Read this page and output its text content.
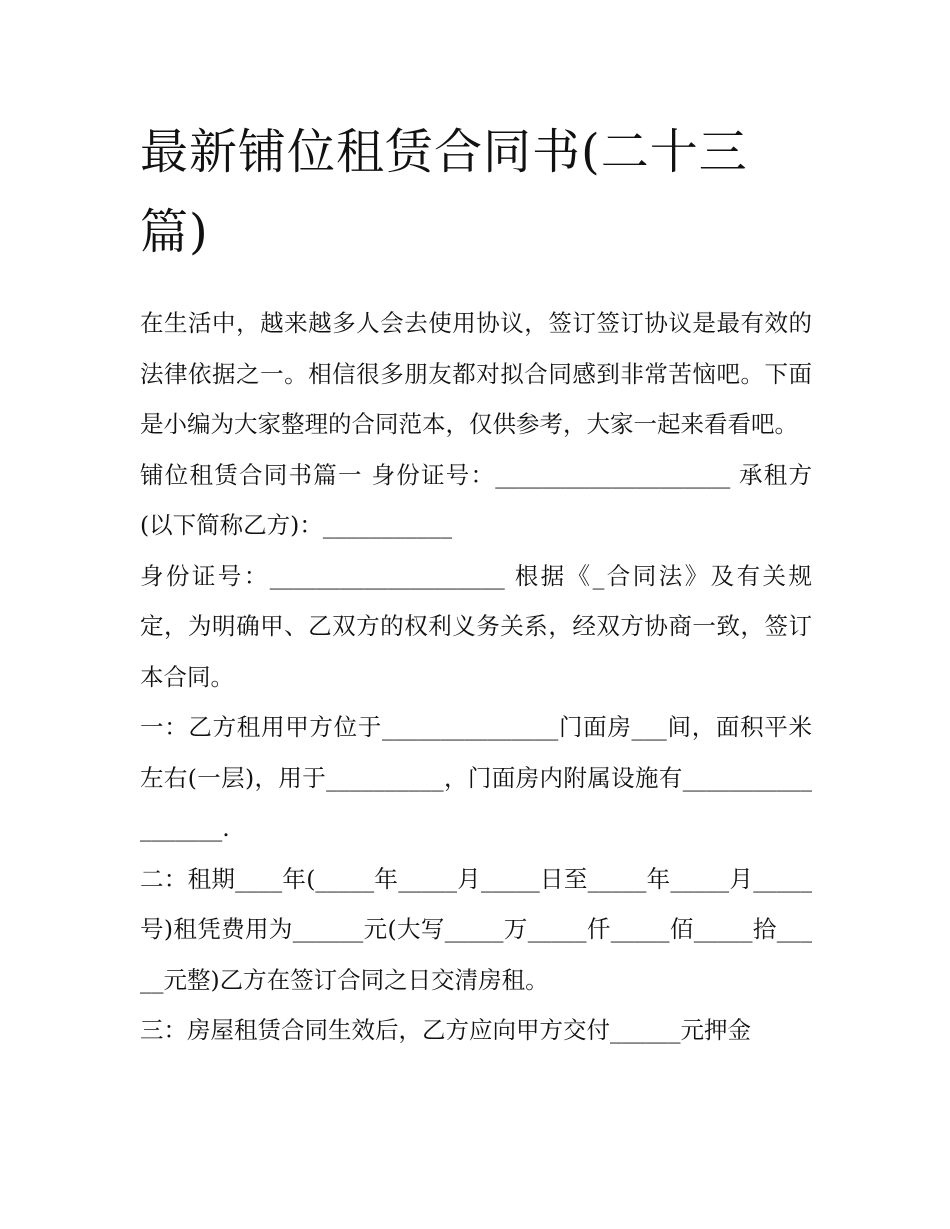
最新铺位租赁合同书(二十三篇)

在生活中，越来越多人会去使用协议，签订签订协议是最有效的法律依据之一。相信很多朋友都对拟合同感到非常苦恼吧。下面是小编为大家整理的合同范本，仅供参考，大家一起来看看吧。

铺位租赁合同书篇一 身份证号：____________________ 承租方(以下简称乙方)：___________

身份证号：____________________ 根据《_合同法》及有关规定，为明确甲、乙双方的权利义务关系，经双方协商一致，签订本合同。

一：乙方租用甲方位于_______________门面房___间，面积平米左右(一层)，用于__________，门面房内附属设施有__________________.

二：租期____年(_____年_____月_____日至_____年_____月_____号)租凭费用为______元(大写_____万_____仟_____佰_____拾_____元整)乙方在签订合同之日交清房租。

三：房屋租赁合同生效后，乙方应向甲方交付______元押金
